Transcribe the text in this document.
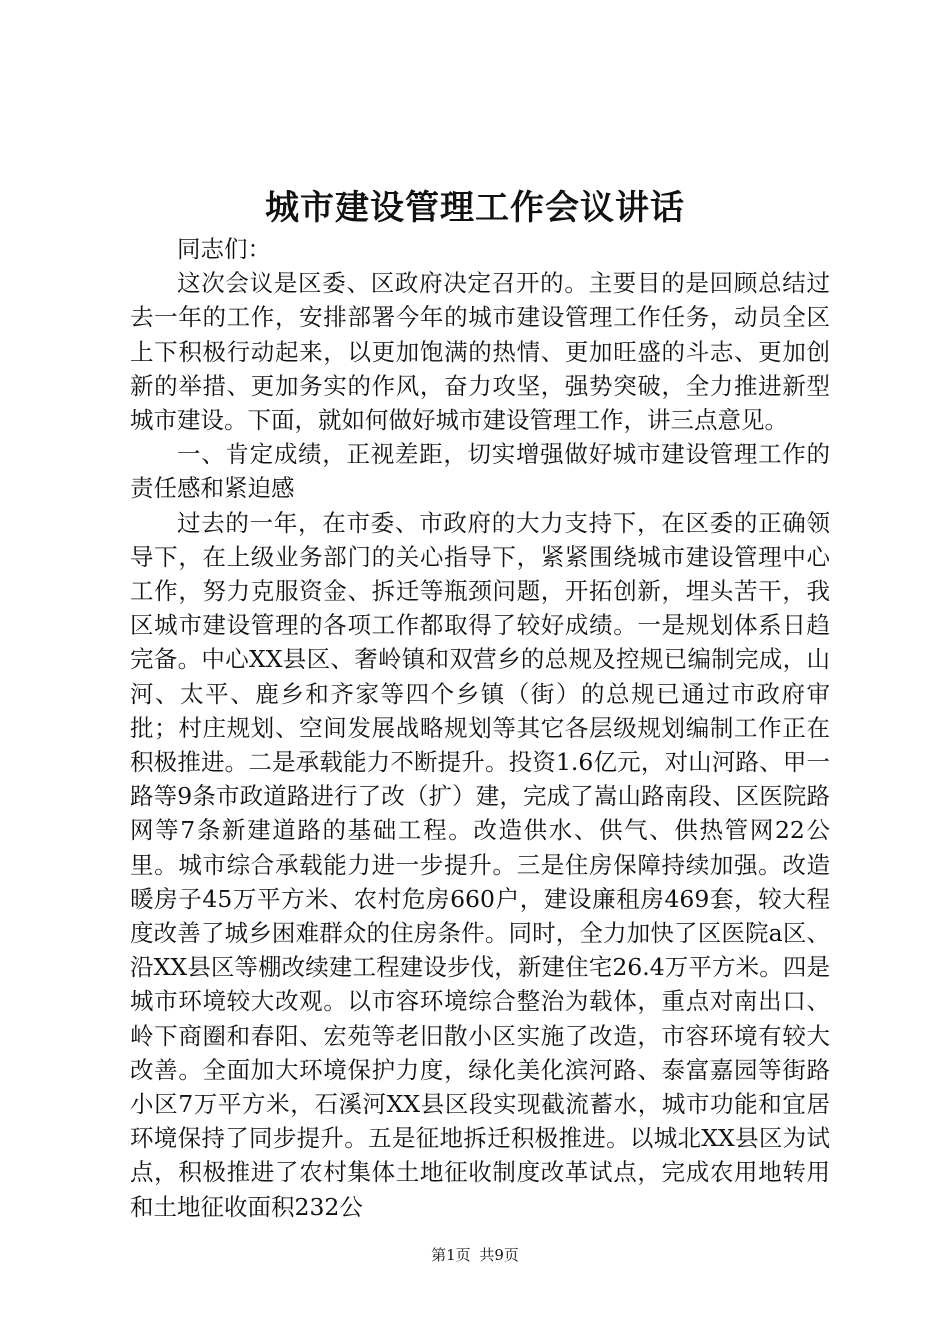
城市建设管理工作会议讲话

同志们：

这次会议是区委、区政府决定召开的。主要目的是回顾总结过去一年的工作，安排部署今年的城市建设管理工作任务，动员全区上下积极行动起来，以更加饱满的热情、更加旺盛的斗志、更加创新的举措、更加务实的作风，奋力攻坚，强势突破，全力推进新型城市建设。下面，就如何做好城市建设管理工作，讲三点意见。

一、肯定成绩，正视差距，切实增强做好城市建设管理工作的责任感和紧迫感

过去的一年，在市委、市政府的大力支持下，在区委的正确领导下，在上级业务部门的关心指导下，紧紧围绕城市建设管理中心工作，努力克服资金、拆迁等瓶颈问题，开拓创新，埋头苦干，我区城市建设管理的各项工作都取得了较好成绩。一是规划体系日趋完备。中心XX县区、奢岭镇和双营乡的总规及控规已编制完成，山河、太平、鹿乡和齐家等四个乡镇（街）的总规已通过市政府审批；村庄规划、空间发展战略规划等其它各层级规划编制工作正在积极推进。二是承载能力不断提升。投资1.6亿元，对山河路、甲一路等9条市政道路进行了改（扩）建，完成了嵩山路南段、区医院路网等7条新建道路的基础工程。改造供水、供气、供热管网22公里。城市综合承载能力进一步提升。三是住房保障持续加强。改造暖房子45万平方米、农村危房660户，建设廉租房469套，较大程度改善了城乡困难群众的住房条件。同时，全力加快了区医院a区、沿XX县区等棚改续建工程建设步伐，新建住宅26.4万平方米。四是城市环境较大改观。以市容环境综合整治为载体，重点对南出口、岭下商圈和春阳、宏苑等老旧散小区实施了改造，市容环境有较大改善。全面加大环境保护力度，绿化美化滨河路、泰富嘉园等街路小区7万平方米，石溪河XX县区段实现截流蓄水，城市功能和宜居环境保持了同步提升。五是征地拆迁积极推进。以城北XX县区为试点，积极推进了农村集体土地征收制度改革试点，完成农用地转用和土地征收面积232公

第1页 共9页
